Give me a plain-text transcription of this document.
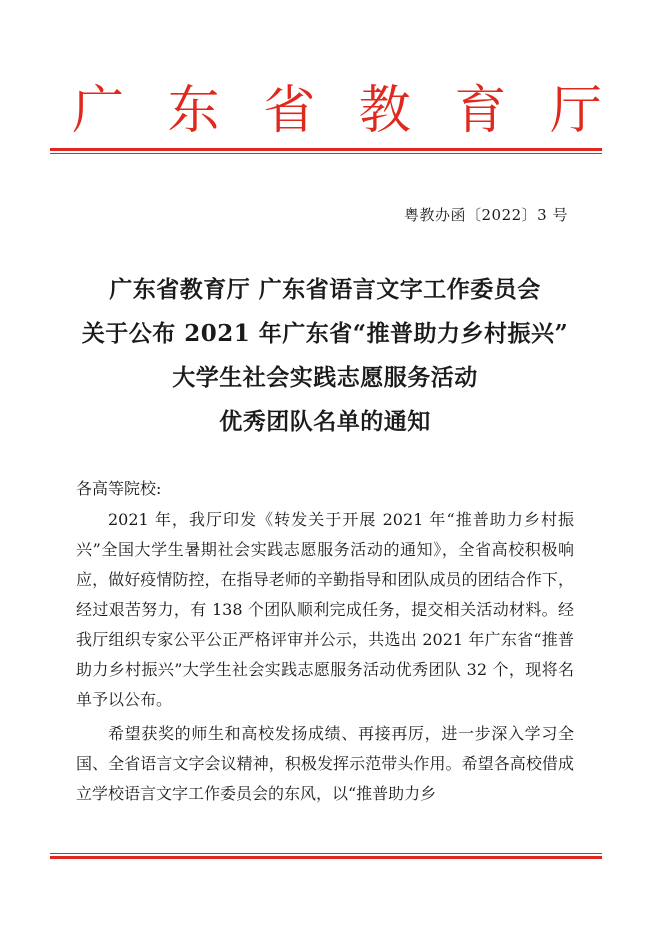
广 东 省 教 育 厅
粤教办函〔2022〕3 号
广东省教育厅 广东省语言文字工作委员会
关于公布 2021 年广东省“推普助力乡村振兴”
大学生社会实践志愿服务活动
优秀团队名单的通知
各高等院校:

2021 年，我厅印发《转发关于开展 2021 年“推普助力乡村振兴”全国大学生暑期社会实践志愿服务活动的通知》，全省高校积极响应，做好疫情防控，在指导老师的辛勤指导和团队成员的团结合作下，经过艰苦努力，有 138 个团队顺利完成任务，提交相关活动材料。经我厅组织专家公平公正严格评审并公示，共选出 2021 年广东省“推普助力乡村振兴”大学生社会实践志愿服务活动优秀团队 32 个，现将名单予以公布。

希望获奖的师生和高校发扬成绩、再接再厉，进一步深入学习全国、全省语言文字会议精神，积极发挥示范带头作用。希望各高校借成立学校语言文字工作委员会的东风，以“推普助力乡
